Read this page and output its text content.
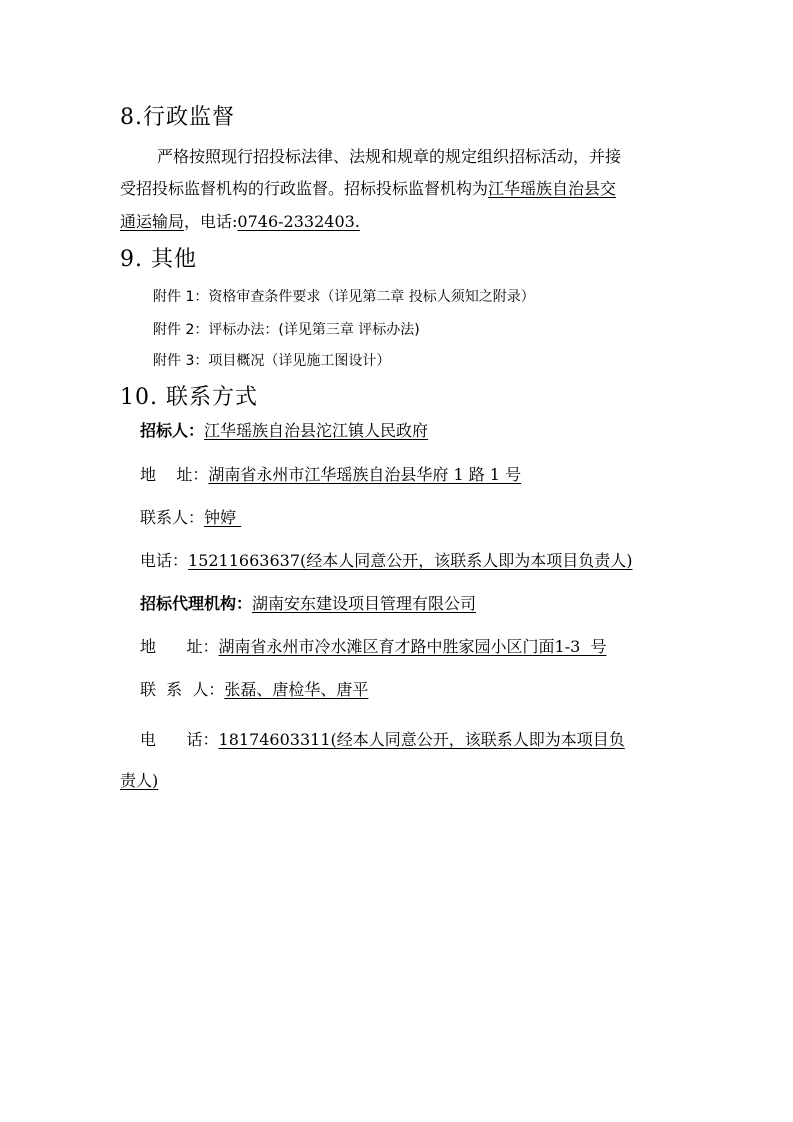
8.行政监督
严格按照现行招投标法律、法规和规章的规定组织招标活动，并接
受招投标监督机构的行政监督。招标投标监督机构为江华瑶族自治县交
通运输局，电话:0746-2332403.
9. 其他
附件 1：资格审查条件要求（详见第二章 投标人须知之附录）
附件 2：评标办法：(详见第三章 评标办法)
附件 3：项目概况（详见施工图设计）
10. 联系方式
招标人：江华瑶族自治县沱江镇人民政府
地    址：湖南省永州市江华瑶族自治县华府 1 路 1 号
联系人：钟婷
电话：15211663637(经本人同意公开，该联系人即为本项目负责人)
招标代理机构：湖南安东建设项目管理有限公司
地      址：湖南省永州市冷水滩区育才路中胜家园小区门面1-3  号
联  系  人：张磊、唐检华、唐平
电      话：18174603311(经本人同意公开，该联系人即为本项目负
责人)
